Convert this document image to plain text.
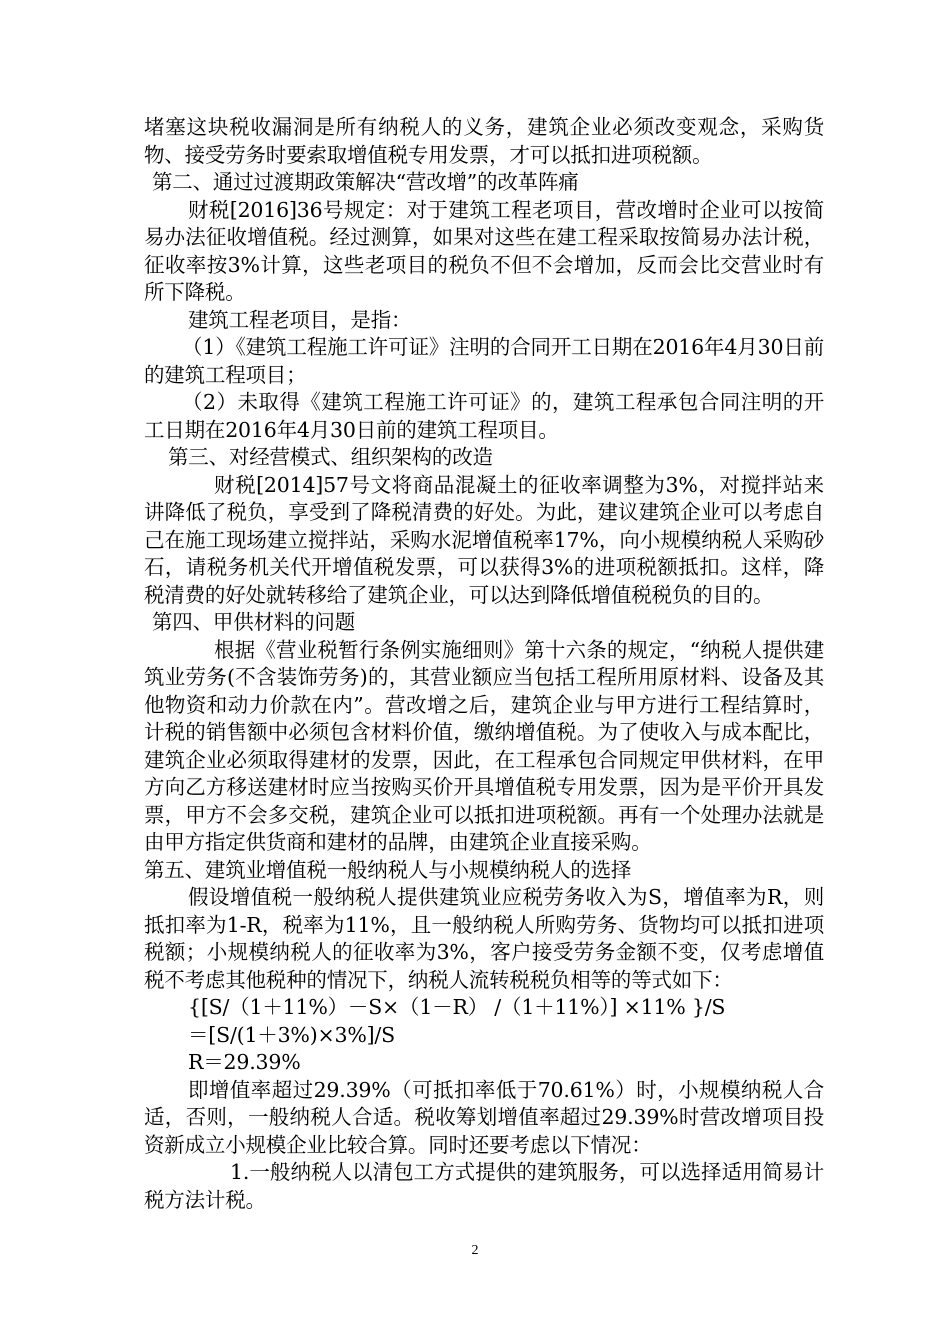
堵塞这块税收漏洞是所有纳税人的义务，建筑企业必须改变观念，采购货物、接受劳务时要索取增值税专用发票，才可以抵扣进项税额。

第二、通过过渡期政策解决“营改增”的改革阵痛

财税[2016]36号规定：对于建筑工程老项目，营改增时企业可以按简易办法征收增值税。经过测算，如果对这些在建工程采取按简易办法计税，征收率按3%计算，这些老项目的税负不但不会增加，反而会比交营业时有所下降税。

建筑工程老项目，是指：

（1）《建筑工程施工许可证》注明的合同开工日期在2016年4月30日前的建筑工程项目；

（2）未取得《建筑工程施工许可证》的，建筑工程承包合同注明的开工日期在2016年4月30日前的建筑工程项目。

第三、对经营模式、组织架构的改造

财税[2014]57号文将商品混凝土的征收率调整为3%，对搅拌站来讲降低了税负，享受到了降税清费的好处。为此，建议建筑企业可以考虑自己在施工现场建立搅拌站，采购水泥增值税率17%，向小规模纳税人采购砂石，请税务机关代开增值税发票，可以获得3%的进项税额抵扣。这样，降税清费的好处就转移给了建筑企业，可以达到降低增值税税负的目的。

第四、甲供材料的问题

根据《营业税暂行条例实施细则》第十六条的规定，“纳税人提供建筑业劳务(不含装饰劳务)的，其营业额应当包括工程所用原材料、设备及其他物资和动力价款在内”。营改增之后，建筑企业与甲方进行工程结算时，计税的销售额中必须包含材料价值，缴纳增值税。为了使收入与成本配比，建筑企业必须取得建材的发票，因此，在工程承包合同规定甲供材料，在甲方向乙方移送建材时应当按购买价开具增值税专用发票，因为是平价开具发票，甲方不会多交税，建筑企业可以抵扣进项税额。再有一个处理办法就是由甲方指定供货商和建材的品牌，由建筑企业直接采购。

第五、建筑业增值税一般纳税人与小规模纳税人的选择

假设增值税一般纳税人提供建筑业应税劳务收入为S，增值率为R，则抵扣率为1-R，税率为11%，且一般纳税人所购劳务、货物均可以抵扣进项税额；小规模纳税人的征收率为3%，客户接受劳务金额不变，仅考虑增值税不考虑其他税种的情况下，纳税人流转税税负相等的等式如下：

{[S/（1＋11%）－S×（1－R） /（1＋11%）] ×11% }/S

＝[S/(1＋3%)×3%]/S

R＝29.39%

即增值率超过29.39%（可抵扣率低于70.61%）时，小规模纳税人合适，否则，一般纳税人合适。税收筹划增值率超过29.39%时营改增项目投资新成立小规模企业比较合算。同时还要考虑以下情况：

1.一般纳税人以清包工方式提供的建筑服务，可以选择适用简易计税方法计税。

2
